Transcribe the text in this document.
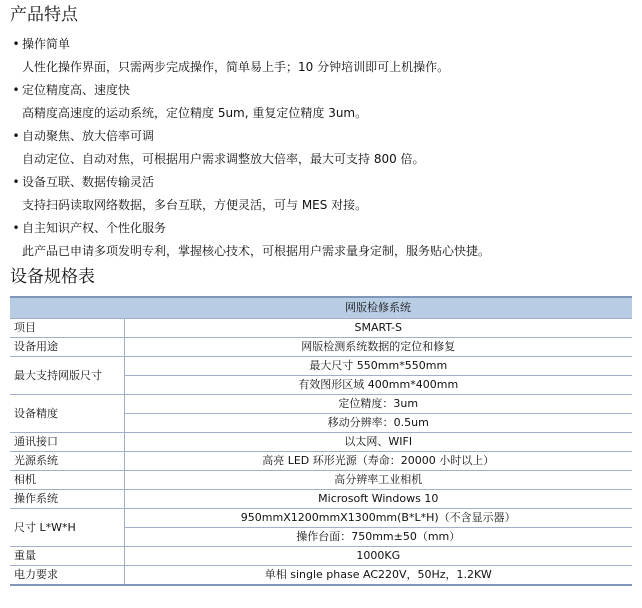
产品特点
• 操作简单
人性化操作界面，只需两步完成操作，简单易上手；10 分钟培训即可上机操作。
• 定位精度高、速度快
高精度高速度的运动系统，定位精度 5um, 重复定位精度 3um。
• 自动聚焦、放大倍率可调
自动定位、自动对焦，可根据用户需求调整放大倍率，最大可支持 800 倍。
• 设备互联、数据传输灵活
支持扫码读取网络数据，多台互联，方便灵活，可与 MES 对接。
• 自主知识产权、个性化服务
此产品已申请多项发明专利，掌握核心技术，可根据用户需求量身定制，服务贴心快捷。
设备规格表
	网版检修系统
项目	SMART-S
设备用途	网版检测系统数据的定位和修复
最大支持网版尺寸	最大尺寸 550mm*550mm
	有效图形区域 400mm*400mm
设备精度	定位精度：3um
	移动分辨率：0.5um
通讯接口	以太网、WIFI
光源系统	高亮 LED 环形光源（寿命：20000 小时以上）
相机	高分辨率工业相机
操作系统	Microsoft Windows 10
尺寸 L*W*H	950mmX1200mmX1300mm(B*L*H)（不含显示器）
	操作台面：750mm±50（mm）
重量	1000KG
电力要求	单相 single phase AC220V，50Hz，1.2KW
